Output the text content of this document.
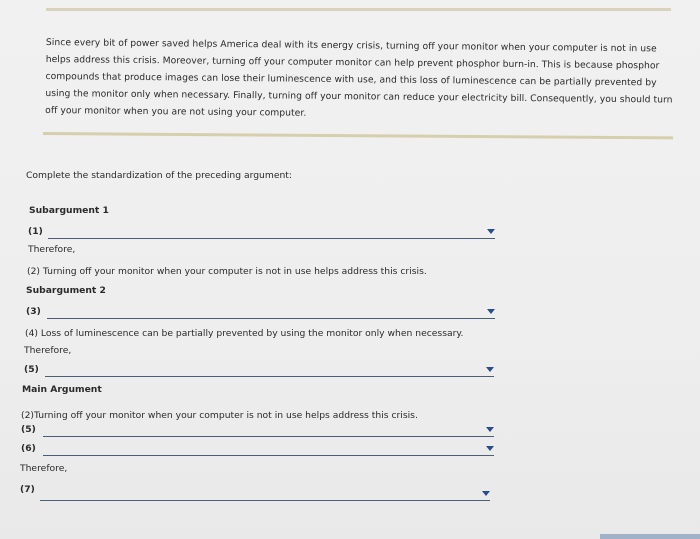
Since every bit of power saved helps America deal with its energy crisis, turning off your monitor when your computer is not in use helps address this crisis. Moreover, turning off your computer monitor can help prevent phosphor burn-in. This is because phosphor compounds that produce images can lose their luminescence with use, and this loss of luminescence can be partially prevented by using the monitor only when necessary. Finally, turning off your monitor can reduce your electricity bill. Consequently, you should turn off your monitor when you are not using your computer.
Complete the standardization of the preceding argument:
Subargument 1
(1)
Therefore,
(2) Turning off your monitor when your computer is not in use helps address this crisis.
Subargument 2
(3)
(4) Loss of luminescence can be partially prevented by using the monitor only when necessary.
Therefore,
(5)
Main Argument
(2)Turning off your monitor when your computer is not in use helps address this crisis.
(5)
(6)
Therefore,
(7)
